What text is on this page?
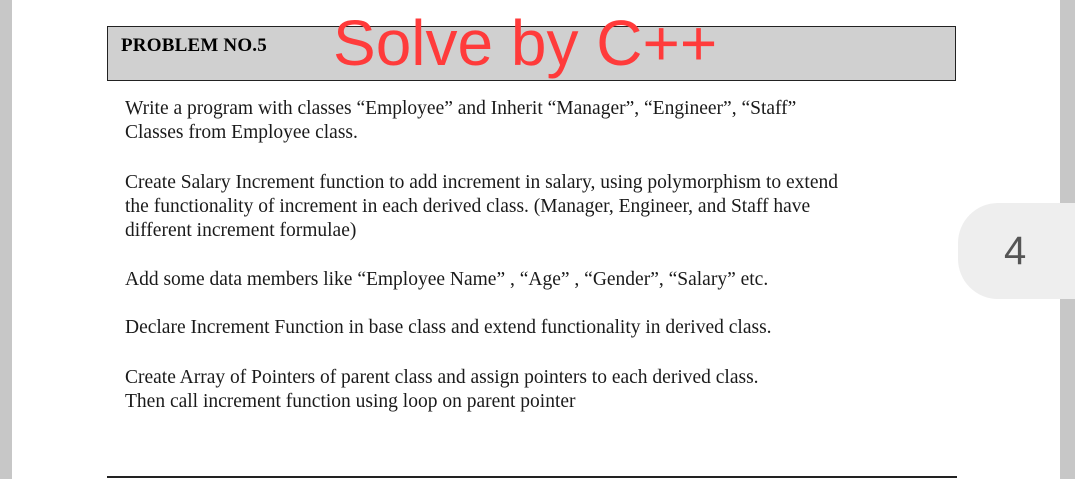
PROBLEM NO.5 Solve by C++
Write a program with classes “Employee” and Inherit “Manager”, “Engineer”, “Staff”
Classes from Employee class.
Create Salary Increment function to add increment in salary, using polymorphism to extend
the functionality of increment in each derived class. (Manager, Engineer, and Staff have
different increment formulae)
Add some data members like “Employee Name” , “Age” , “Gender”, “Salary” etc.
Declare Increment Function in base class and extend functionality in derived class.
Create Array of Pointers of parent class and assign pointers to each derived class.
Then call increment function using loop on parent pointer
4
